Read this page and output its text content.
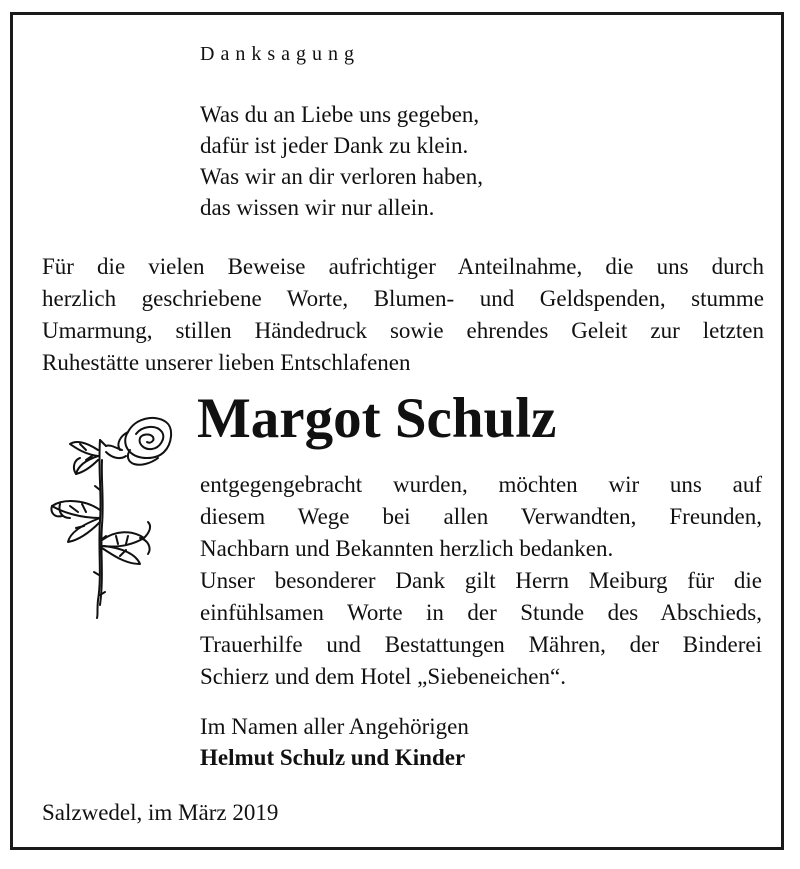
Danksagung
Was du an Liebe uns gegeben,
dafür ist jeder Dank zu klein.
Was wir an dir verloren haben,
das wissen wir nur allein.
Für die vielen Beweise aufrichtiger Anteilnahme, die uns durch
herzlich geschriebene Worte, Blumen- und Geldspenden, stumme
Umarmung, stillen Händedruck sowie ehrendes Geleit zur letzten
Ruhestätte unserer lieben Entschlafenen
Margot Schulz
entgegengebracht wurden, möchten wir uns auf
diesem Wege bei allen Verwandten, Freunden,
Nachbarn und Bekannten herzlich bedanken.
Unser besonderer Dank gilt Herrn Meiburg für die
einfühlsamen Worte in der Stunde des Abschieds,
Trauerhilfe und Bestattungen Mähren, der Binderei
Schierz und dem Hotel „Siebeneichen“.
Im Namen aller Angehörigen
Helmut Schulz und Kinder
Salzwedel, im März 2019
